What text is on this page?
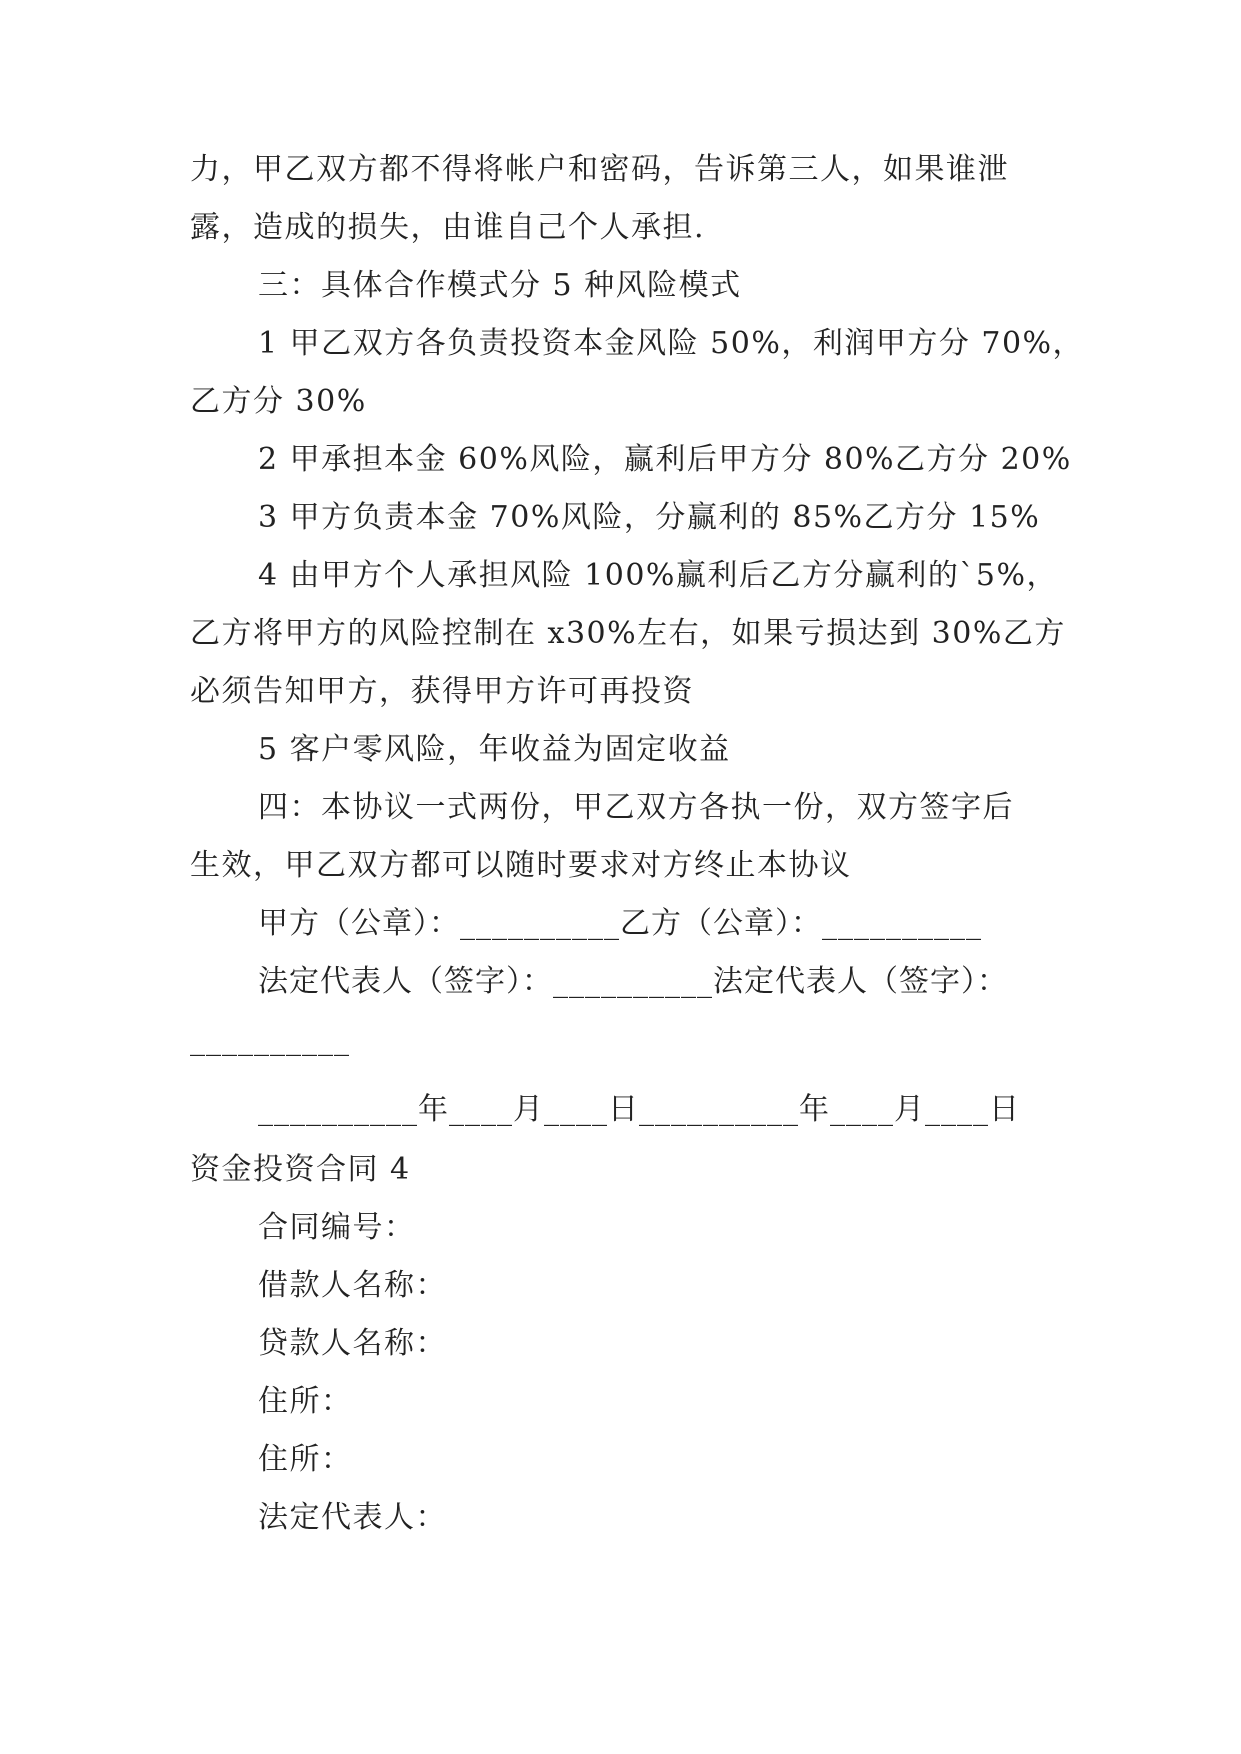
力，甲乙双方都不得将帐户和密码，告诉第三人，如果谁泄
露，造成的损失，由谁自己个人承担.
三：具体合作模式分 5 种风险模式
1 甲乙双方各负责投资本金风险 50%，利润甲方分 70%，
乙方分 30%
2 甲承担本金 60%风险，赢利后甲方分 80%乙方分 20%
3 甲方负责本金 70%风险，分赢利的 85%乙方分 15%
4 由甲方个人承担风险 100%赢利后乙方分赢利的`5%，
乙方将甲方的风险控制在 x30%左右，如果亏损达到 30%乙方
必须告知甲方，获得甲方许可再投资
5 客户零风险，年收益为固定收益
四：本协议一式两份，甲乙双方各执一份，双方签字后
生效，甲乙双方都可以随时要求对方终止本协议
甲方（公章）：__________乙方（公章）：__________
法定代表人（签字）：__________法定代表人（签字）：
__________
__________年____月____日__________年____月____日
资金投资合同 4
合同编号：
借款人名称：
贷款人名称：
住所：
住所：
法定代表人：
